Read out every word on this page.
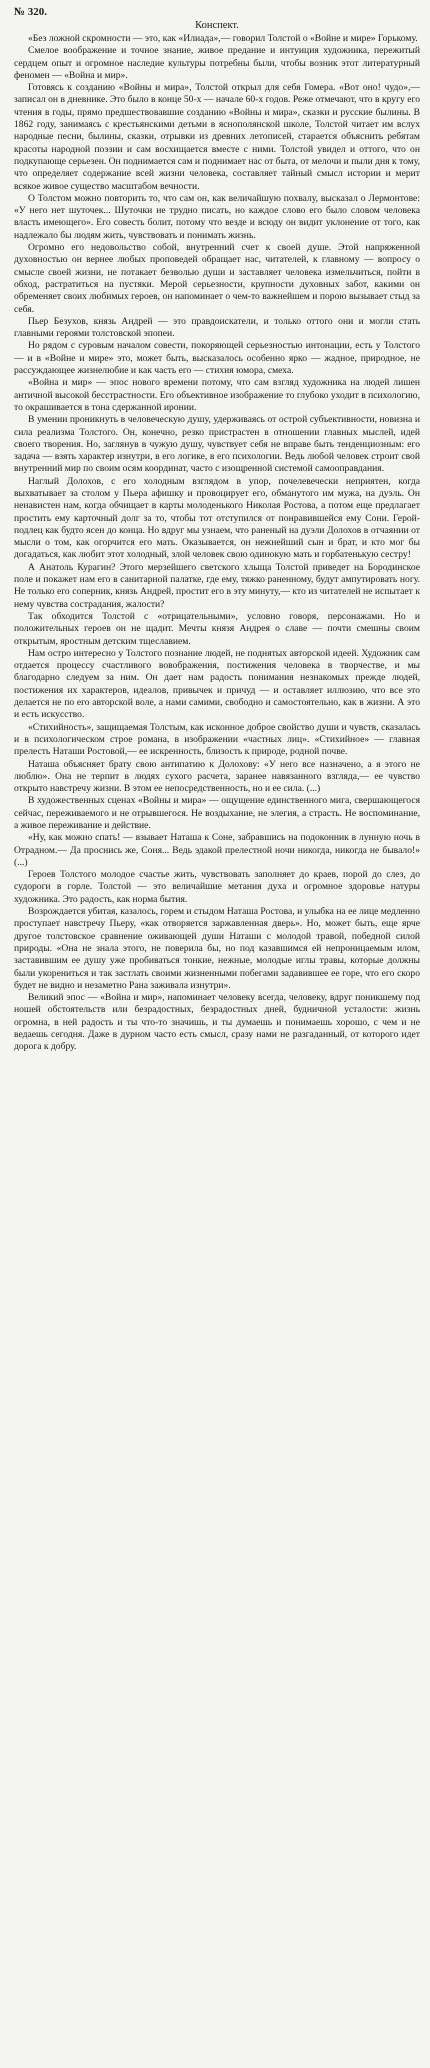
№ 320.
Конспект.

«Без ложной скромности — это, как «Илиада»,— говорил Толстой о «Войне и мире» Горькому.

Смелое воображение и точное знание, живое предание и интуиция художника, пережитый сердцем опыт и огромное наследие культуры потребны были, чтобы возник этот литературный феномен — «Война и мир».

Готовясь к созданию «Войны и мира», Толстой открыл для себя Гомера. «Вот оно! чудо»,— записал он в дневнике. Это было в конце 50-х — начале 60-х годов. Реже отмечают, что в кругу его чтения в годы, прямо предшествовавшие созданию «Войны и мира», сказки и русские былины. В 1862 году, занимаясь с крестьянскими детьми в яснополянской школе, Толстой читает им вслух народные песни, былины, сказки, отрывки из древних летописей, старается объяснить ребятам красоты народной поэзии и сам восхищается вместе с ними. Толстой увидел и оттого, что он подкупающе серьезен. Он поднимается сам и поднимает нас от быта, от мелочи и пыли дня к тому, что определяет содержание всей жизни человека, составляет тайный смысл истории и мерит всякое живое существо масштабом вечности.

О Толстом можно повторить то, что сам он, как величайшую похвалу, высказал о Лермонтове: «У него нет шуточек... Шуточки не трудно писать, но каждое слово его было словом человека власть имеющего». Его совесть болит, потому что везде и всюду он видит уклонение от того, как надлежало бы людям жить, чувствовать и понимать жизнь.

Огромно его недовольство собой, внутренний счет к своей душе. Этой напряженной духовностью он вернее любых проповедей обращает нас, читателей, к главному — вопросу о смысле своей жизни, не потакает безволью души и заставляет человека измельчиться, пойти в обход, растратиться на пустяки. Мерой серьезности, крупности духовных забот, какими он обременяет своих любимых героев, он напоминает о чем-то важнейшем и порою вызывает стыд за себя.

Пьер Безухов, князь Андрей — это правдоискатели, и только оттого они и могли стать главными героями толстовской эпопеи.

Но рядом с суровым началом совести, покоряющей серьезностью интонации, есть у Толстого — и в «Войне и мире» это, может быть, высказалось особенно ярко — жадное, природное, не рассуждающее жизнелюбие и как часть его — стихия юмора, смеха.

«Война и мир» — эпос нового времени потому, что сам взгляд художника на людей лишен античной высокой бесстрастности. Его объективное изображение то глубоко уходит в психологию, то окрашивается в тона сдержанной иронии.

В умении проникнуть в человеческую душу, удерживаясь от острой субъективности, новизна и сила реализма Толстого. Он, конечно, резко пристрастен в отношении главных мыслей, идей своего творения. Но, заглянув в чужую душу, чувствует себя не вправе быть тенденциозным: его задача — взять характер изнутри, в его логике, в его психологии. Ведь любой человек строит свой внутренний мир по своим осям координат, часто с изощренной системой самооправдания.

Наглый Долохов, с его холодным взглядом в упор, почелевечески неприятен, когда выхватывает за столом у Пьера афишку и провоцирует его, обманутого им мужа, на дуэль. Он ненавистен нам, когда обчищает в карты молоденького Николая Ростова, а потом еще предлагает простить ему карточный долг за то, чтобы тот отступился от понравившейся ему Сони. Герой-подлец как будто ясен до конца. Но вдруг мы узнаем, что раненый на дуэли Долохов в отчаянии от мысли о том, как огорчится его мать. Оказывается, он нежнейший сын и брат, и кто мог бы догадаться, как любит этот холодный, злой человек свою одинокую мать и горбатенькую сестру!

А Анатоль Курагин? Этого мерзейшего светского хлыща Толстой приведет на Бородинское поле и покажет нам его в санитарной палатке, где ему, тяжко раненному, будут ампутировать ногу. Не только его соперник, князь Андрей, простит его в эту минуту,— кто из читателей не испытает к нему чувства сострадания, жалости?

Так обходится Толстой с «отрицательными», условно говоря, персонажами. Но и положительных героев он не щадит. Мечты князя Андрея о славе — почти смешны своим открытым, яростным детским тщеславием.

Нам остро интересно у Толстого познание людей, не поднятых авторской идеей. Художник сам отдается процессу счастливого вовображения, постижения человека в творчестве, и мы благодарно следуем за ним. Он дает нам радость понимания незнакомых прежде людей, постижения их характеров, идеалов, привычек и причуд — и оставляет иллюзию, что все это делается не по его авторской воле, а нами самими, свободно и самостоятельно, как в жизни. А это и есть искусство.

«Стихийность», защищаемая Толстым, как исконное доброе свойство души и чувств, сказалась и в психологическом строе романа, в изображении «частных лиц». «Стихийное» — главная прелесть Наташи Ростовой,— ее искренность, близость к природе, родной почве.

Наташа объясняет брату свою антипатию к Долохову: «У него все назначено, а я этого не люблю». Она не терпит в людях сухого расчета, заранее навязанного взгляда,— ее чувство открыто навстречу жизни. В этом ее непосредственность, но и ее сила. (...)

В художественных сценах «Войны и мира» — ощущение единственного мига, свершающегося сейчас, переживаемого и не отрывшегося. Не воздыхание, не элегия, а страсть. Не воспоминание, а живое переживание и действие.

«Ну, как можно спать! — взывает Наташа к Соне, забравшись на подоконник в лунную ночь в Отрадном.— Да проснись же, Соня... Ведь эдакой прелестной ночи никогда, никогда не бывало!» (...)

Героев Толстого молодое счастье жить, чувствовать заполняет до краев, порой до слез, до судороги в горле. Толстой — это величайшие метания духа и огромное здоровье натуры художника. Это радость, как норма бытия.

Возрождается убитая, казалось, горем и стыдом Наташа Ростова, и улыбка на ее лице медленно проступает навстречу Пьеру, «как отворяется заржавленная дверь». Но, может быть, еще ярче другое толстовское сравнение оживающей души Наташи с молодой травой, победной силой природы. «Она не знала этого, не поверила бы, но под казавшимся ей непроницаемым илом, заставившим ее душу уже пробиваться тонкие, нежные, молодые иглы травы, которые должны были укорениться и так застлать своими жизненными побегами задавившее ее горе, что его скоро будет не видно и незаметно Рана заживала изнутри».

Великий эпос — «Война и мир», напоминает человеку всегда, человеку, вдруг поникшему под ношей обстоятельств или безрадостных, безрадостных дней, будничной усталости: жизнь огромна, в ней радость и ты что-то значишь, и ты думаешь и понимаешь хорошо, с чем и не ведаешь сегодня. Даже в дурном часто есть смысл, сразу нами не разгаданный, от которого идет дорога к добру.
